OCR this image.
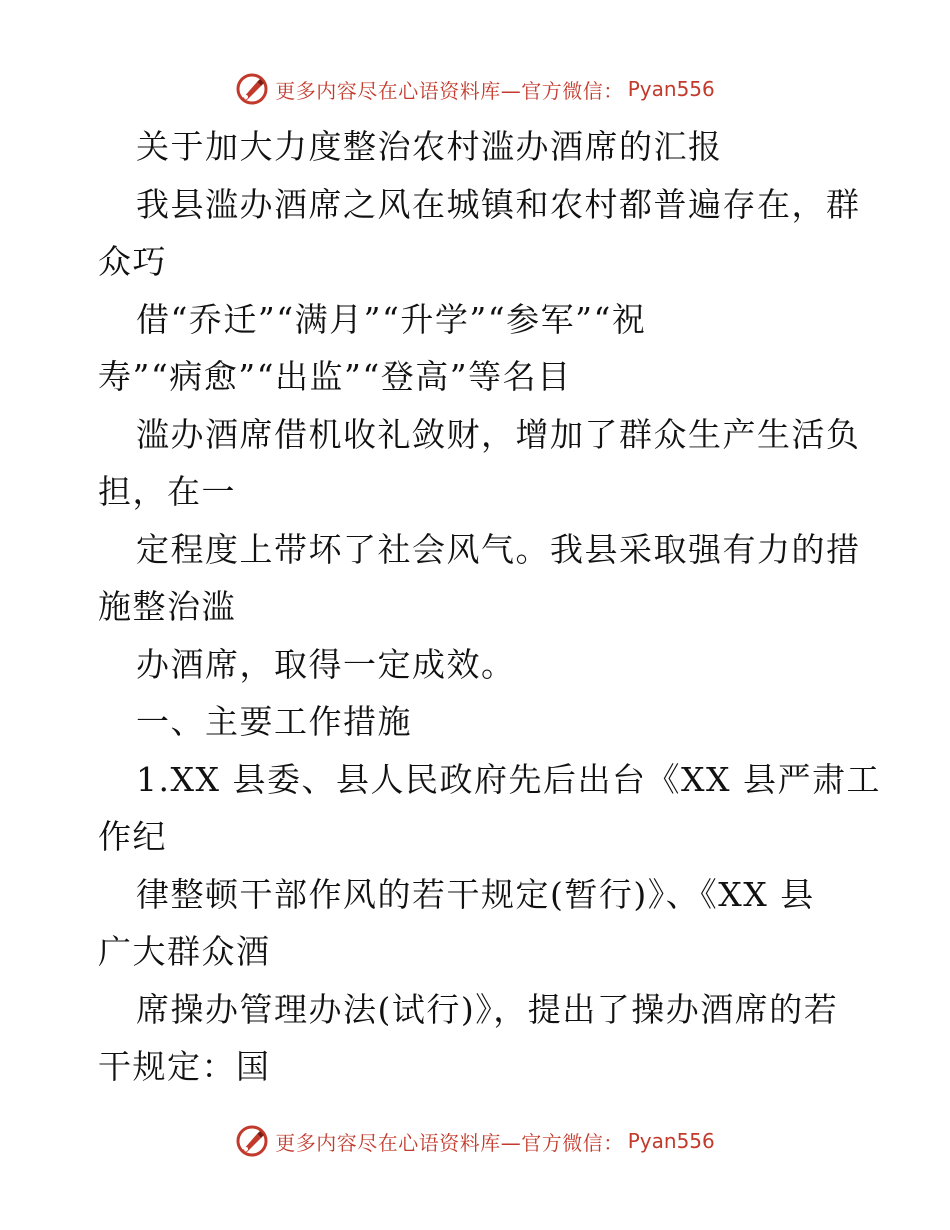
更多内容尽在心语资料库—官方微信： Pyan556
关于加大力度整治农村滥办酒席的汇报
我县滥办酒席之风在城镇和农村都普遍存在，群
众巧
借“乔迁”“满月”“升学”“参军”“祝
寿”“病愈”“出监”“登高”等名目
滥办酒席借机收礼敛财，增加了群众生产生活负
担，在一
定程度上带坏了社会风气。我县采取强有力的措
施整治滥
办酒席，取得一定成效。
一、主要工作措施
1.XX 县委、县人民政府先后出台《XX 县严肃工
作纪
律整顿干部作风的若干规定(暂行)》、《XX 县
广大群众酒
席操办管理办法(试行)》，提出了操办酒席的若
干规定：国
更多内容尽在心语资料库—官方微信： Pyan556
